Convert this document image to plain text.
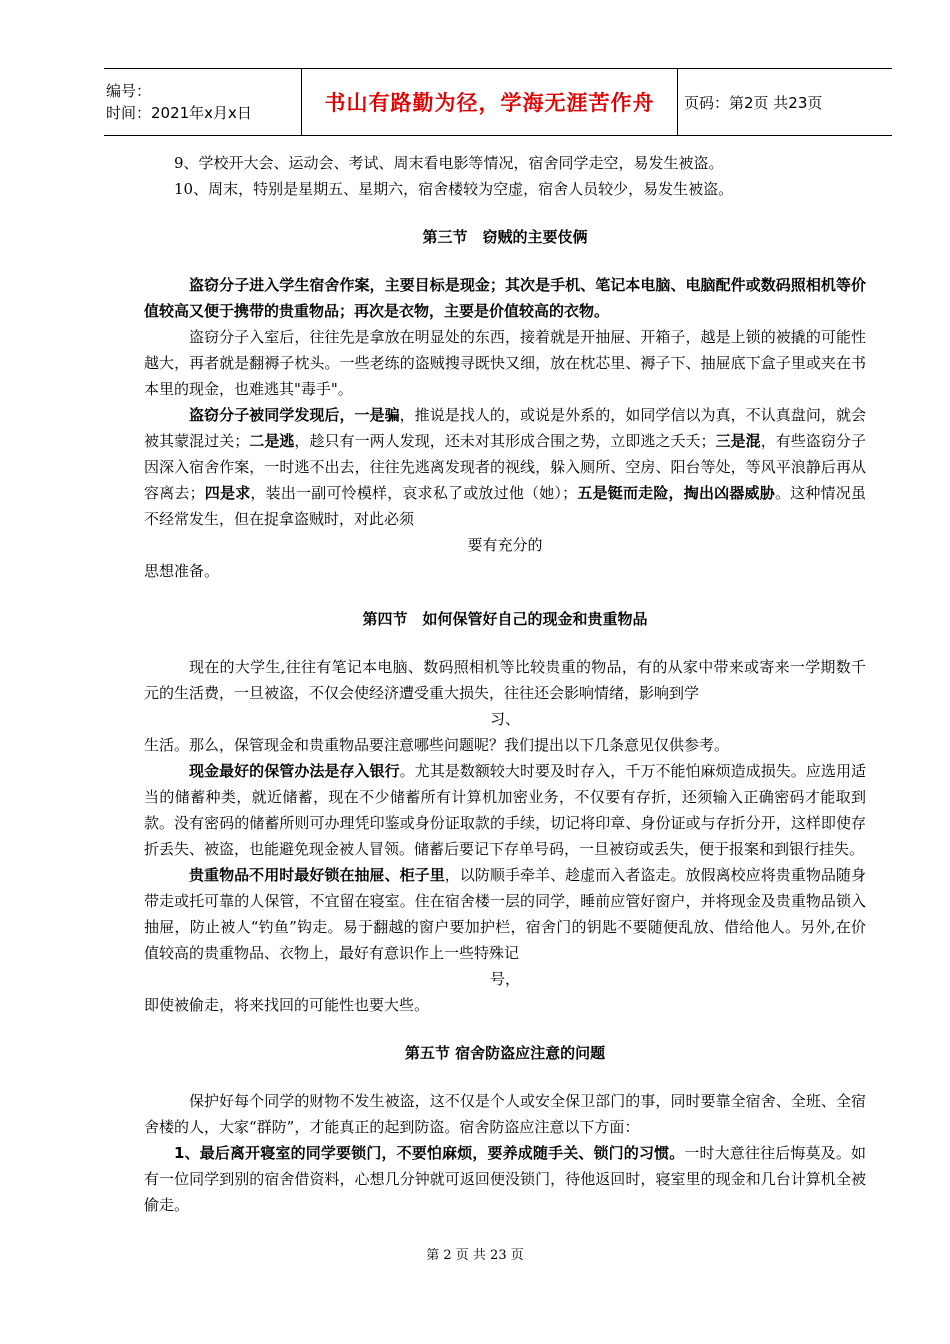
编号：
时间：2021年x月x日	书山有路勤为径，学海无涯苦作舟 页码：第2页 共23页

9、学校开大会、运动会、考试、周末看电影等情况，宿舍同学走空，易发生被盗。

10、周末，特别是星期五、星期六，宿舍楼较为空虚，宿舍人员较少，易发生被盗。

第三节　窃贼的主要伎俩

盗窃分子进入学生宿舍作案，主要目标是现金；其次是手机、笔记本电脑、电脑配件或数码照相机等价值较高又便于携带的贵重物品；再次是衣物，主要是价值较高的衣物。

盗窃分子入室后，往往先是拿放在明显处的东西，接着就是开抽屉、开箱子，越是上锁的被撬的可能性越大，再者就是翻褥子枕头。一些老练的盗贼搜寻既快又细，放在枕芯里、褥子下、抽屉底下盒子里或夹在书本里的现金，也难逃其"毒手"。

盗窃分子被同学发现后，一是骗，推说是找人的，或说是外系的，如同学信以为真，不认真盘问，就会被其蒙混过关；二是逃，趁只有一两人发现，还未对其形成合围之势，立即逃之夭夭；三是混，有些盗窃分子因深入宿舍作案，一时逃不出去，往往先逃离发现者的视线，躲入厕所、空房、阳台等处，等风平浪静后再从容离去；四是求，装出一副可怜模样，哀求私了或放过他（她）；五是铤而走险，掏出凶器威胁。这种情况虽不经常发生，但在捉拿盗贼时，对此必须

要有充分的

思想准备。

第四节　如何保管好自己的现金和贵重物品

现在的大学生,往往有笔记本电脑、数码照相机等比较贵重的物品，有的从家中带来或寄来一学期数千元的生活费，一旦被盗，不仅会使经济遭受重大损失，往往还会影响情绪，影响到学

习、

生活。那么，保管现金和贵重物品要注意哪些问题呢？我们提出以下几条意见仅供参考。

现金最好的保管办法是存入银行。尤其是数额较大时要及时存入，千万不能怕麻烦造成损失。应选用适当的储蓄种类，就近储蓄，现在不少储蓄所有计算机加密业务，不仅要有存折，还须输入正确密码才能取到款。没有密码的储蓄所则可办理凭印鉴或身份证取款的手续，切记将印章、身份证或与存折分开，这样即使存折丢失、被盗，也能避免现金被人冒领。储蓄后要记下存单号码，一旦被窃或丢失，便于报案和到银行挂失。

贵重物品不用时最好锁在抽屉、柜子里，以防顺手牵羊、趁虚而入者盗走。放假离校应将贵重物品随身带走或托可靠的人保管，不宜留在寝室。住在宿舍楼一层的同学，睡前应管好窗户，并将现金及贵重物品锁入抽屉，防止被人“钓鱼”钩走。易于翻越的窗户要加护栏，宿舍门的钥匙不要随便乱放、借给他人。另外,在价值较高的贵重物品、衣物上，最好有意识作上一些特殊记

号，

即使被偷走，将来找回的可能性也要大些。

第五节 宿舍防盗应注意的问题

保护好每个同学的财物不发生被盗，这不仅是个人或安全保卫部门的事，同时要靠全宿舍、全班、全宿舍楼的人，大家“群防”，才能真正的起到防盗。宿舍防盗应注意以下方面：

1、最后离开寝室的同学要锁门，不要怕麻烦，要养成随手关、锁门的习惯。一时大意往往后悔莫及。如有一位同学到别的宿舍借资料，心想几分钟就可返回便没锁门，待他返回时，寝室里的现金和几台计算机全被偷走。

第 2 页 共 23 页
